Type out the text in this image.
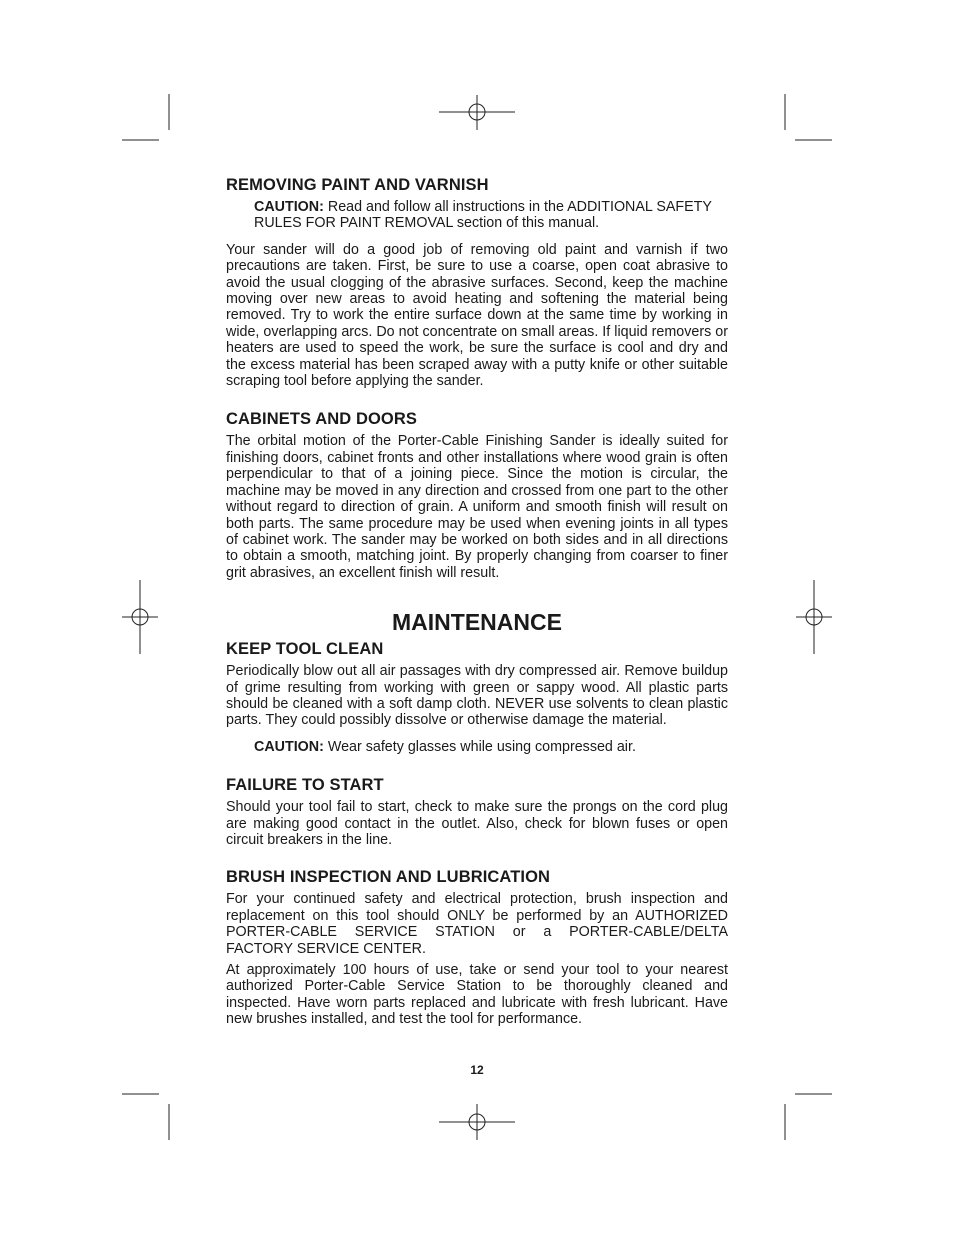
REMOVING PAINT AND VARNISH

CAUTION: Read and follow all instructions in the ADDITIONAL SAFETY RULES FOR PAINT REMOVAL section of this manual.

Your sander will do a good job of removing old paint and varnish if two precautions are taken. First, be sure to use a coarse, open coat abrasive to avoid the usual clogging of the abrasive surfaces. Second, keep the machine moving over new areas to avoid heating and softening the material being removed. Try to work the entire surface down at the same time by working in wide, overlapping arcs. Do not concentrate on small areas. If liquid removers or heaters are used to speed the work, be sure the surface is cool and dry and the excess material has been scraped away with a putty knife or other suitable scraping tool before applying the sander.

CABINETS AND DOORS

The orbital motion of the Porter-Cable Finishing Sander is ideally suited for finishing doors, cabinet fronts and other installations where wood grain is often perpendicular to that of a joining piece. Since the motion is circular, the machine may be moved in any direction and crossed from one part to the other without regard to direction of grain. A uniform and smooth finish will result on both parts. The same procedure may be used when evening joints in all types of cabinet work. The sander may be worked on both sides and in all directions to obtain a smooth, matching joint. By properly changing from coarser to finer grit abrasives, an excellent finish will result.

MAINTENANCE
KEEP TOOL CLEAN

Periodically blow out all air passages with dry compressed air. Remove buildup of grime resulting from working with green or sappy wood. All plastic parts should be cleaned with a soft damp cloth. NEVER use solvents to clean plastic parts. They could possibly dissolve or otherwise damage the material.

CAUTION: Wear safety glasses while using compressed air.

FAILURE TO START

Should your tool fail to start, check to make sure the prongs on the cord plug are making good contact in the outlet. Also, check for blown fuses or open circuit breakers in the line.

BRUSH INSPECTION AND LUBRICATION

For your continued safety and electrical protection, brush inspection and replacement on this tool should ONLY be performed by an AUTHORIZED PORTER-CABLE SERVICE STATION or a PORTER-CABLE/DELTA FACTORY SERVICE CENTER.

At approximately 100 hours of use, take or send your tool to your nearest authorized Porter-Cable Service Station to be thoroughly cleaned and inspected. Have worn parts replaced and lubricate with fresh lubricant. Have new brushes installed, and test the tool for performance.

12
